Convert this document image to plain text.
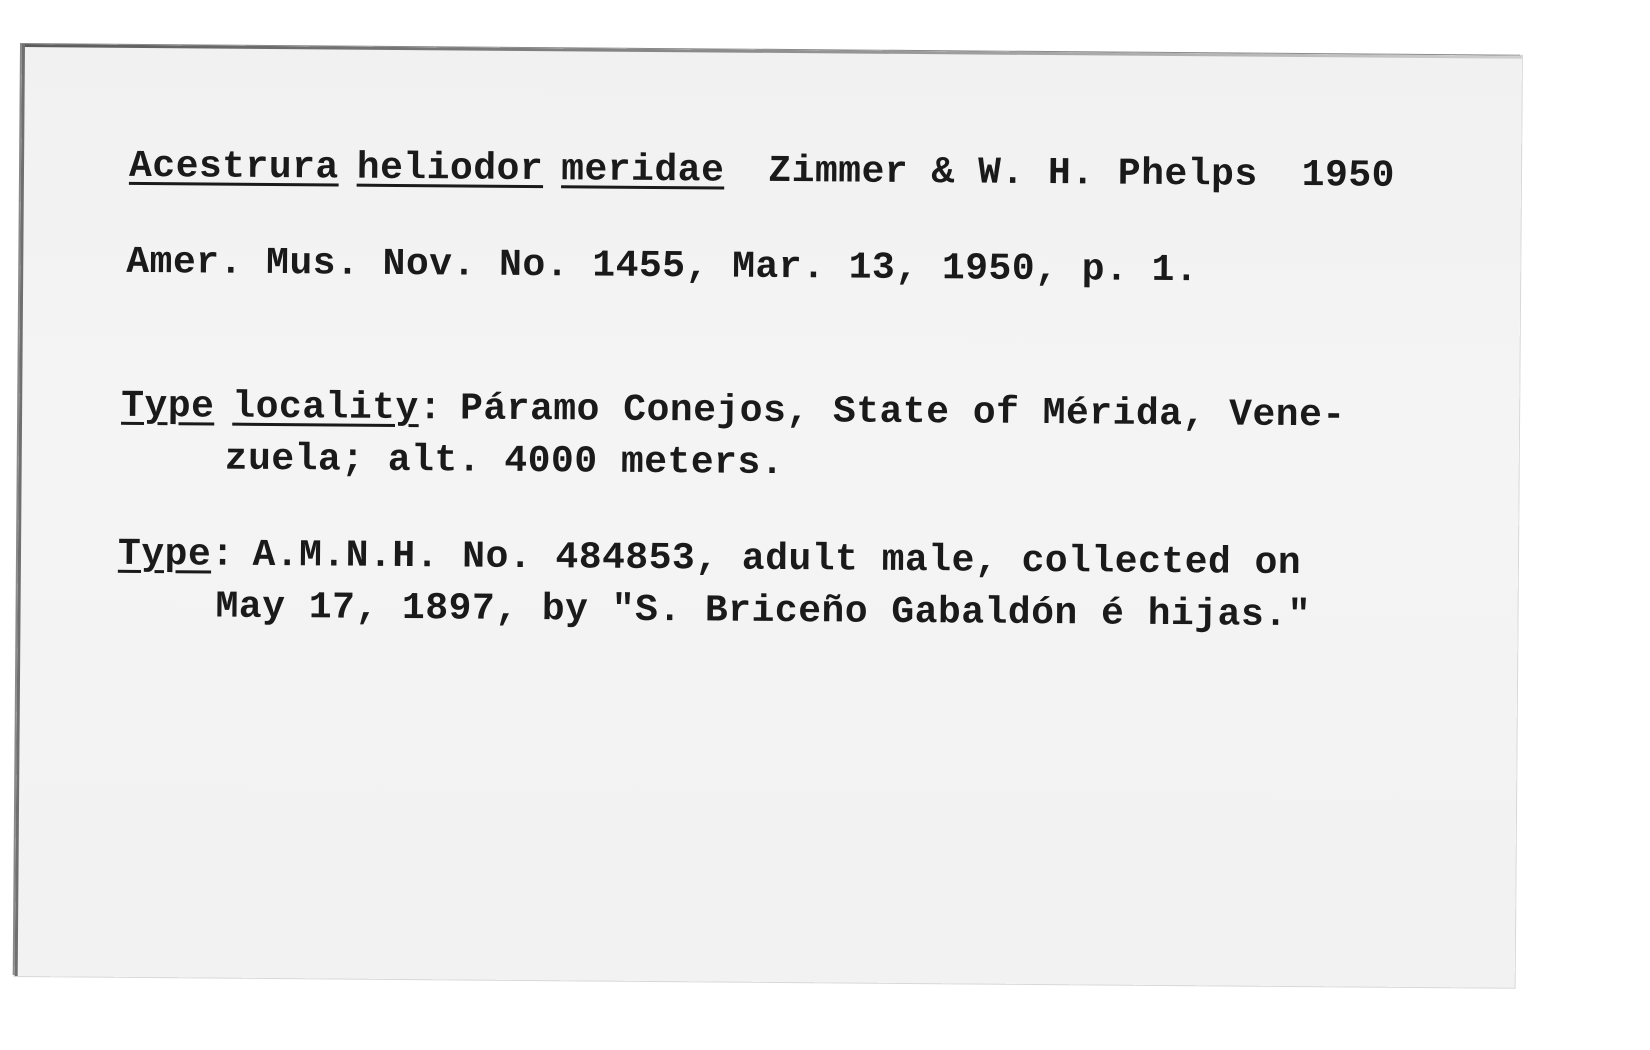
Acestrura heliodor meridae Zimmer & W. H. Phelps 1950
Amer. Mus. Nov. No. 1455, Mar. 13, 1950, p. 1.
Type locality: Páramo Conejos, State of Mérida, Vene-
zuela; alt. 4000 meters.
Type: A.M.N.H. No. 484853, adult male, collected on
May 17, 1897, by "S. Briceño Gabaldón é hijas."
